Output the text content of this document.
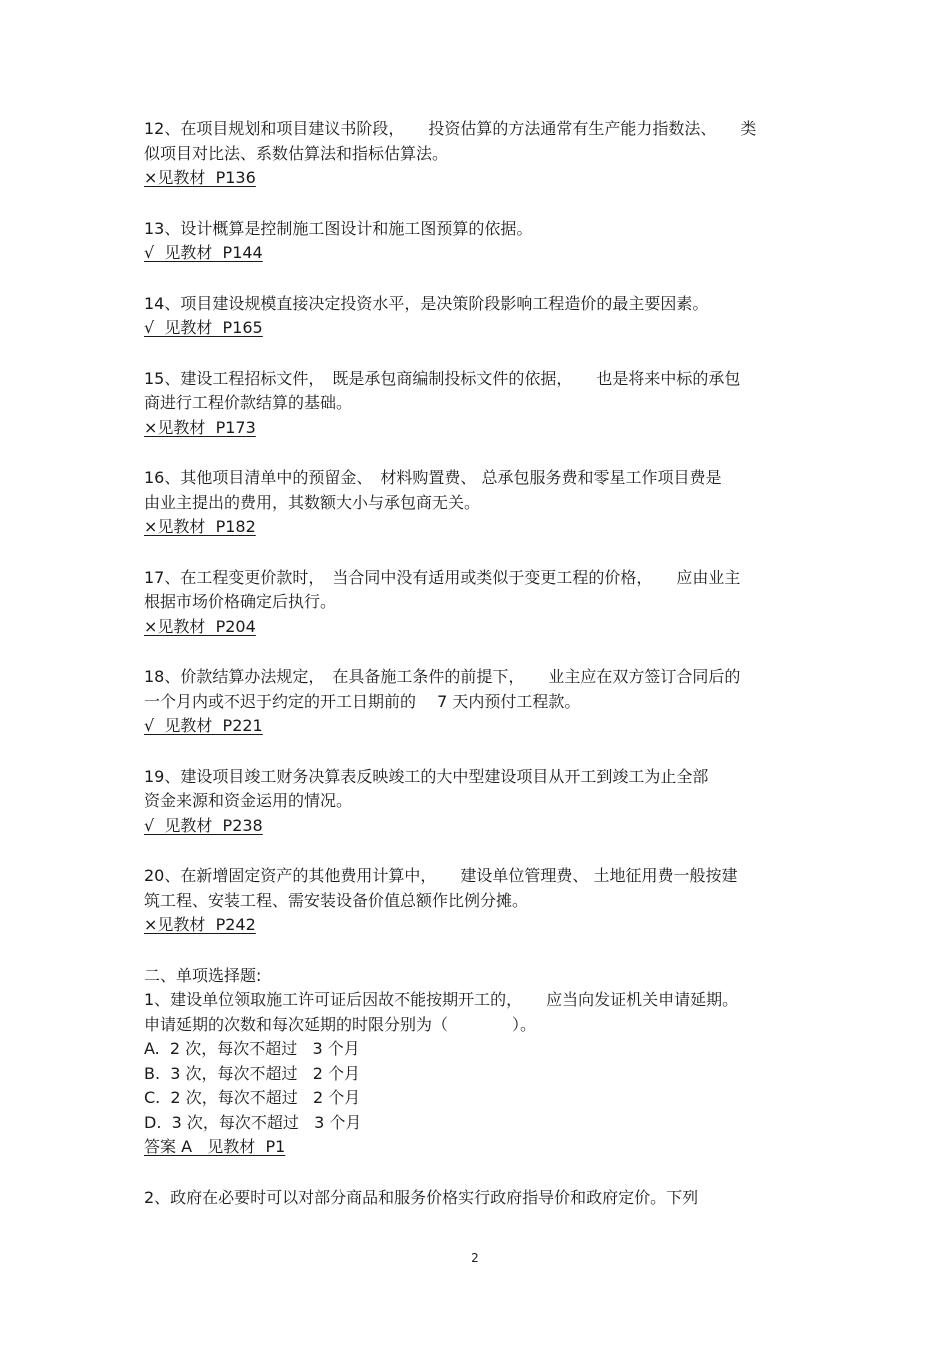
12、在项目规划和项目建议书阶段，　　投资估算的方法通常有生产能力指数法、　　类
似项目对比法、系数估算法和指标估算法。
×见教材  P136
13、设计概算是控制施工图设计和施工图预算的依据。
√  见教材  P144
14、项目建设规模直接决定投资水平，是决策阶段影响工程造价的最主要因素。
√  见教材  P165
15、建设工程招标文件，　既是承包商编制投标文件的依据，　　也是将来中标的承包
商进行工程价款结算的基础。
×见教材  P173
16、其他项目清单中的预留金、　材料购置费、 总承包服务费和零星工作项目费是
由业主提出的费用，其数额大小与承包商无关。
×见教材  P182
17、在工程变更价款时，　当合同中没有适用或类似于变更工程的价格，　　应由业主
根据市场价格确定后执行。
×见教材  P204
18、价款结算办法规定，　在具备施工条件的前提下，　　业主应在双方签订合同后的
一个月内或不迟于约定的开工日期前的　 7 天内预付工程款。
√  见教材  P221
19、建设项目竣工财务决算表反映竣工的大中型建设项目从开工到竣工为止全部
资金来源和资金运用的情况。
√  见教材  P238
20、在新增固定资产的其他费用计算中，　　建设单位管理费、 土地征用费一般按建
筑工程、安装工程、需安装设备价值总额作比例分摊。
×见教材  P242
二、单项选择题:
1、建设单位领取施工许可证后因故不能按期开工的，　　应当向发证机关申请延期。
申请延期的次数和每次延期的时限分别为（　　　　）。
A.  2 次，每次不超过   3 个月
B.  3 次，每次不超过   2 个月
C.  2 次，每次不超过   2 个月
D.  3 次，每次不超过   3 个月
答案 A   见教材  P1
2、政府在必要时可以对部分商品和服务价格实行政府指导价和政府定价。下列
2
